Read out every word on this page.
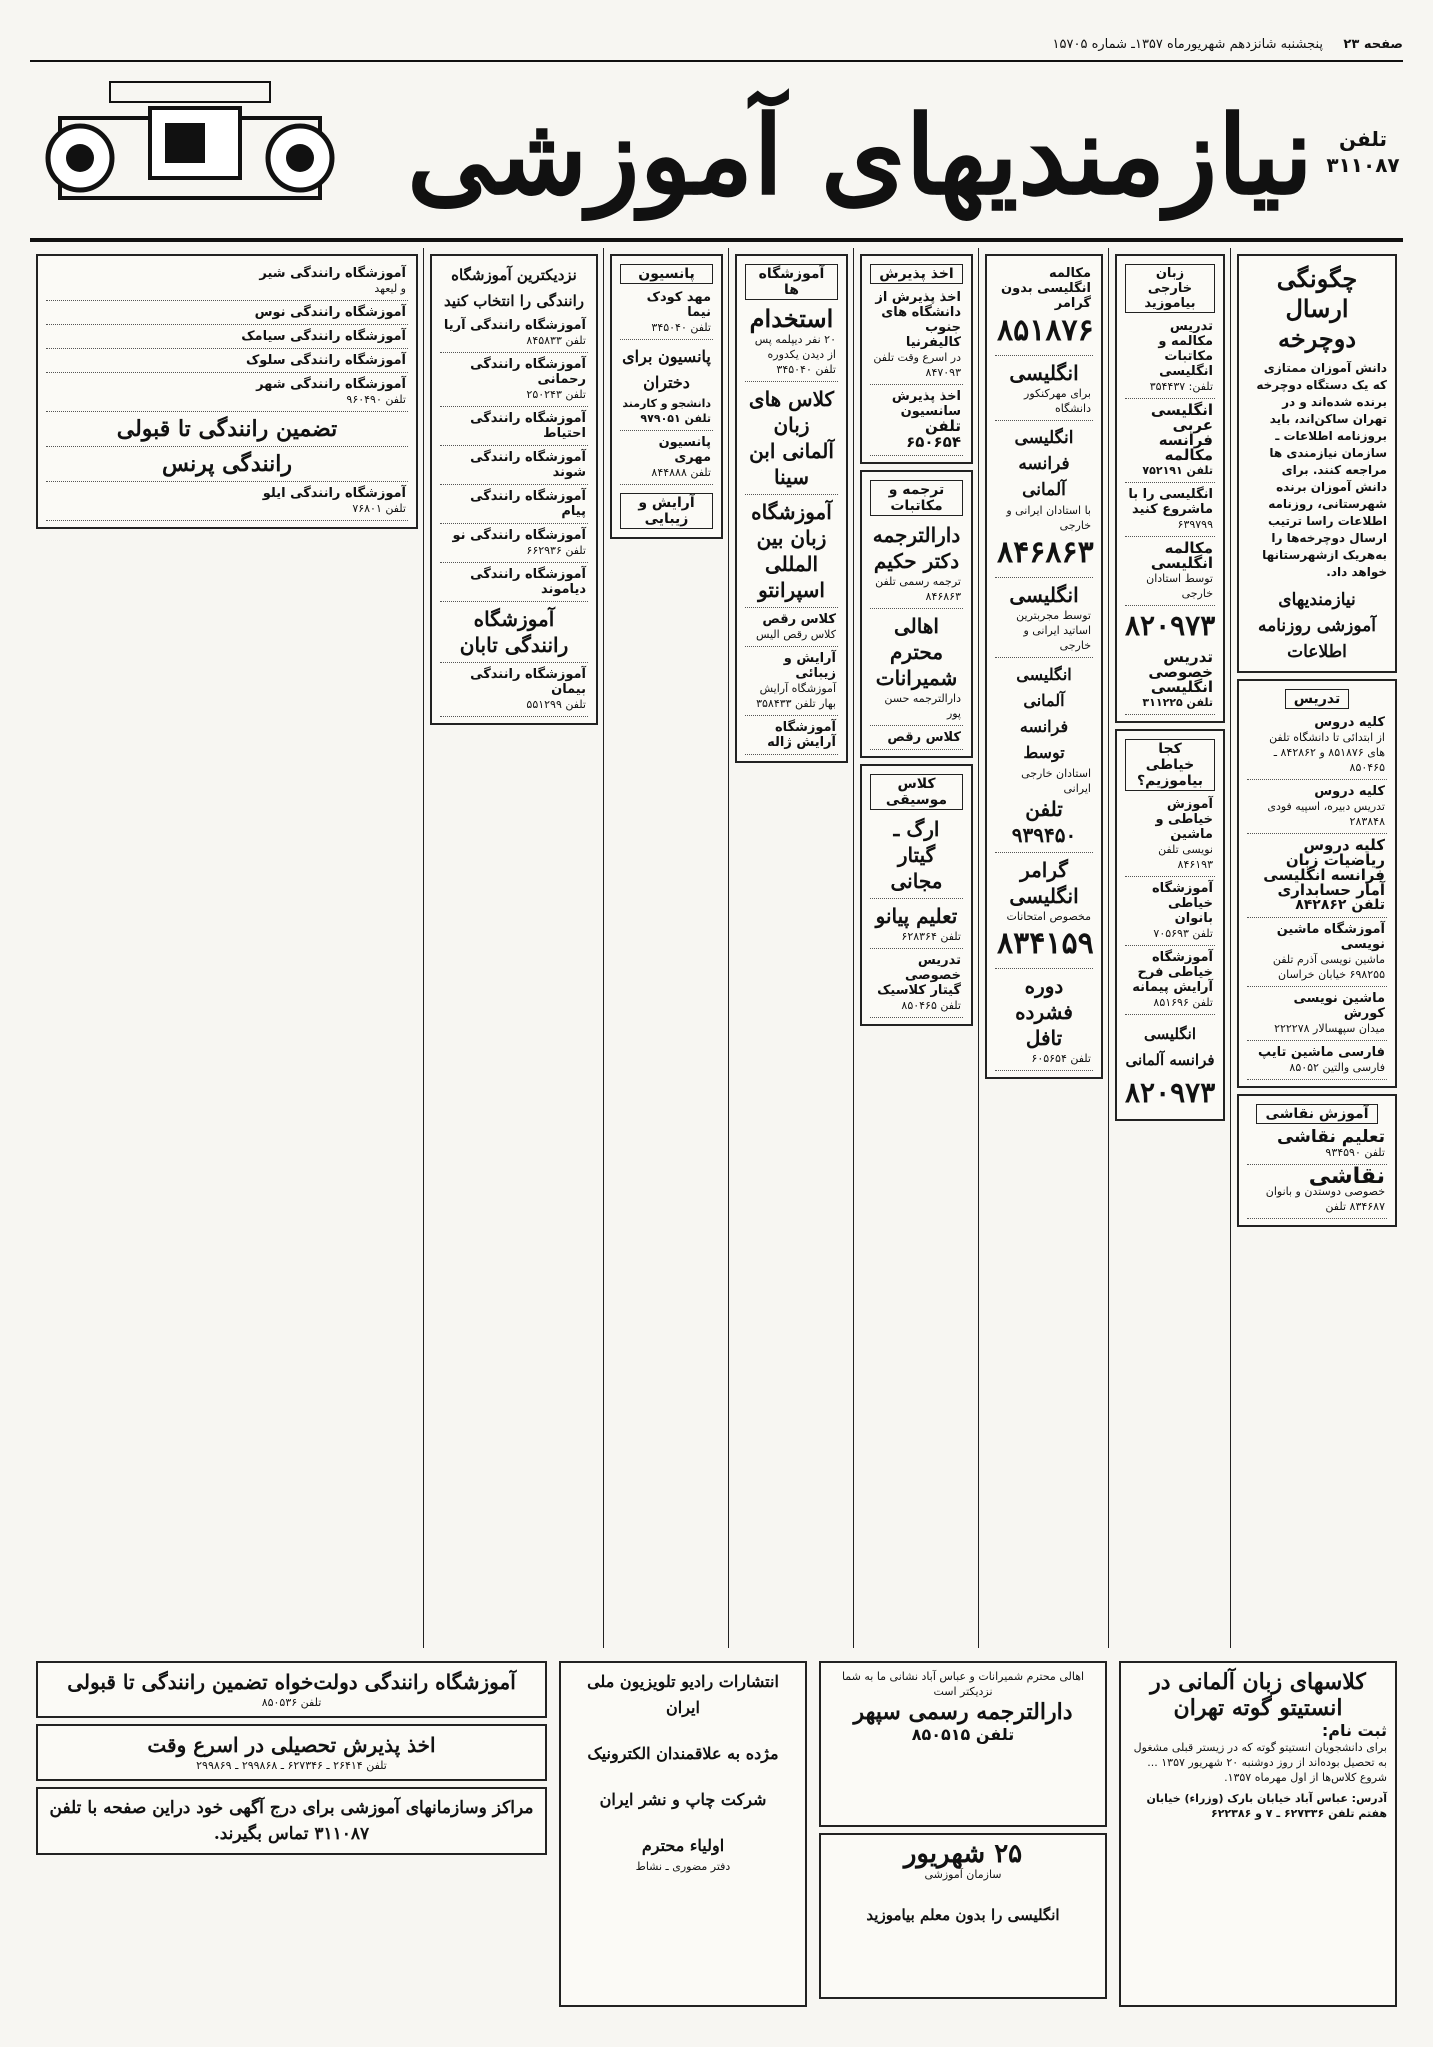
صفحه ۲۳
پنجشنبه شانزدهم شهریورماه ۱۳۵۷ـ شماره ۱۵۷۰۵
تلفن
۳۱۱۰۸۷
نیازمندیهای آموزشی
چگونگی ارسال دوچرخه
دانش آموزان ممتازی که یک دستگاه دوچرخه برنده شده‌اند و در تهران ساکن‌اند، باید بروزنامه اطلاعات ـ سازمان نیازمندی ها مراجعه کنند. برای دانش آموزان برنده شهرستانی، روزنامه اطلاعات راسا ترتیب ارسال دوچرخه‌ها را به‌هریک ازشهرستانها خواهد داد.
نیازمندیهای آموزشی روزنامه اطلاعات
تدریس
کلیه دروس
از ابتدائی تا دانشگاه تلفن های ۸۵۱۸۷۶ و ۸۴۲۸۶۲ ـ ۸۵۰۴۶۵
کلیه دروس
تدریس دبیره، اسپیه فودی ۲۸۳۸۴۸
کلیه دروس ریاضیات زبان فرانسه انگلیسی آمار حسابداری
تلفن ۸۴۲۸۶۲
آموزشگاه ماشین نویسی
ماشین نویسی آذرم تلفن ۶۹۸۲۵۵ خیابان خراسان
ماشین نویسی کورش
میدان سپهسالار ۲۲۲۲۷۸
فارسی ماشین تایپ
فارسی والتین ۸۵۰۵۲
آموزش نقاشی
تعلیم نقاشی
تلفن ۹۳۴۵۹۰
نقاشی
خصوصی دوستدن و بانوان ۸۳۴۶۸۷ تلفن
زبان خارجی بیاموزید
تدریس مکالمه و مکاتبات انگلیسی
تلفن: ۳۵۴۴۳۷
انگلیسی عربی فرانسه مکالمه
تلفن ۷۵۲۱۹۱
انگلیسی را با ماشروع کنید
۶۳۹۷۹۹
مکالمه انگلیسی
توسط استادان خارجی
۸۲۰۹۷۳
تدریس خصوصی انگلیسی
تلفن ۳۱۱۲۲۵
کجا خیاطی بیاموزیم؟
آموزش خیاطی و ماشین
نویسی تلفن ۸۴۶۱۹۳
آموزشگاه خیاطی بانوان
تلفن ۷۰۵۶۹۳
آموزشگاه خیاطی فرح آرایش پیمانه
تلفن ۸۵۱۶۹۶
انگلیسی فرانسه آلمانی
۸۲۰۹۷۳
مکالمه انگلیسی بدون گرامر
۸۵۱۸۷۶
انگلیسی
برای مهرکنکور دانشگاه
انگلیسی فرانسه آلمانی
با استادان ایرانی و خارجی
۸۴۶۸۶۳
انگلیسی
توسط مجربترین اساتید ایرانی و خارجی
انگلیسی آلمانی فرانسه توسط
استادان خارجی ایرانی
تلفن ۹۳۹۴۵۰
گرامر انگلیسی
مخصوص امتحانات
۸۳۴۱۵۹
دوره فشرده تافل
تلفن ۶۰۵۶۵۴
اخذ پذیرش
اخذ پذیرش از دانشگاه های جنوب کالیفرنیا
در اسرع وقت تلفن ۸۴۷۰۹۳
اخذ پذیرش سانسیون
تلفن ۶۵۰۶۵۴
ترجمه و مکاتبات
دارالترجمه دکتر حکیم
ترجمه رسمی تلفن ۸۴۶۸۶۳
اهالی محترم شمیرانات
دارالترجمه حسن پور
کلاس رقص
کلاس موسیقی
ارگ ـ گیتار مجانی
تعلیم پیانو
تلفن ۶۲۸۳۶۴
تدریس خصوصی گیتار کلاسیک
تلفن ۸۵۰۴۶۵
آموزشگاه ها
استخدام
۲۰ نفر دیپلمه پس از دیدن یکدوره تلفن ۳۴۵۰۴۰
کلاس های زبان آلمانی ابن سینا
آموزشگاه زبان بین المللی اسپرانتو
کلاس رقص
کلاس رقص الیس
آرایش و زیبائی
آموزشگاه آرایش بهار تلفن ۳۵۸۴۳۳
آموزشگاه آرایش ژاله
پانسیون
مهد کودک نیما
تلفن ۳۴۵۰۴۰
پانسیون برای دختران
دانشجو و کارمند تلفن ۹۷۹۰۵۱
پانسیون مهری
تلفن ۸۴۴۸۸۸
آرایش و زیبایی
نزدیکترین آموزشگاه رانندگی را انتخاب کنید
آموزشگاه رانندگی آریا
تلفن ۸۴۵۸۳۳
آموزشگاه رانندگی رحمانی
تلفن ۲۵۰۲۴۳
آموزشگاه رانندگی احتیاط
آموزشگاه رانندگی شوند
آموزشگاه رانندگی پیام
آموزشگاه رانندگی نو
تلفن ۶۶۲۹۳۶
آموزشگاه رانندگی دیاموند
آموزشگاه رانندگی تابان
آموزشگاه رانندگی بیمان
تلفن ۵۵۱۲۹۹
آموزشگاه رانندگی شیر
و لیعهد
آموزشگاه رانندگی نوس
آموزشگاه رانندگی سیامک
آموزشگاه رانندگی سلوک
آموزشگاه رانندگی شهر
تلفن ۹۶۰۴۹۰
تضمین رانندگی تا قبولی
رانندگی پرنس
آموزشگاه رانندگی ایلو
تلفن ۷۶۸۰۱
کلاسهای زبان آلمانی در انستیتو گوته تهران
ثبت نام:
برای دانشجویان انستیتو گوته که در زیستر قبلی مشغول به تحصیل بوده‌اند از روز دوشنبه ۲۰ شهریور ۱۳۵۷ ... شروع کلاس‌ها از اول مهرماه ۱۳۵۷.
آدرس: عباس آباد خیابان بارک (وزراء) خیابان هفتم تلفن ۶۲۷۳۳۶ ـ ۷ و ۶۲۲۳۸۶
اهالی محترم شمیرانات و عباس آباد نشانی ما به شما نزدیکتر است
دارالترجمه رسمی سپهر
تلفن ۸۵۰۵۱۵
۲۵ شهریور
سازمان آموزشی
انگلیسی را بدون معلم بیاموزید
انتشارات رادیو تلویزیون ملی ایران
مژده به علاقمندان الکترونیک
شرکت چاپ و نشر ایران
اولیاء محترم
دفتر مضوری ـ نشاط
آموزشگاه رانندگی دولت‌خواه تضمین رانندگی تا قبولی
تلفن ۸۵۰۵۳۶
اخذ پذیرش تحصیلی در اسرع وقت
تلفن ۲۶۴۱۴ ـ ۶۲۷۳۴۶ ـ ۲۹۹۸۶۸ ـ ۲۹۹۸۶۹
مراکز وسازمانهای آموزشی برای درج آگهی خود دراین صفحه با تلفن ۳۱۱۰۸۷ تماس بگیرند.
